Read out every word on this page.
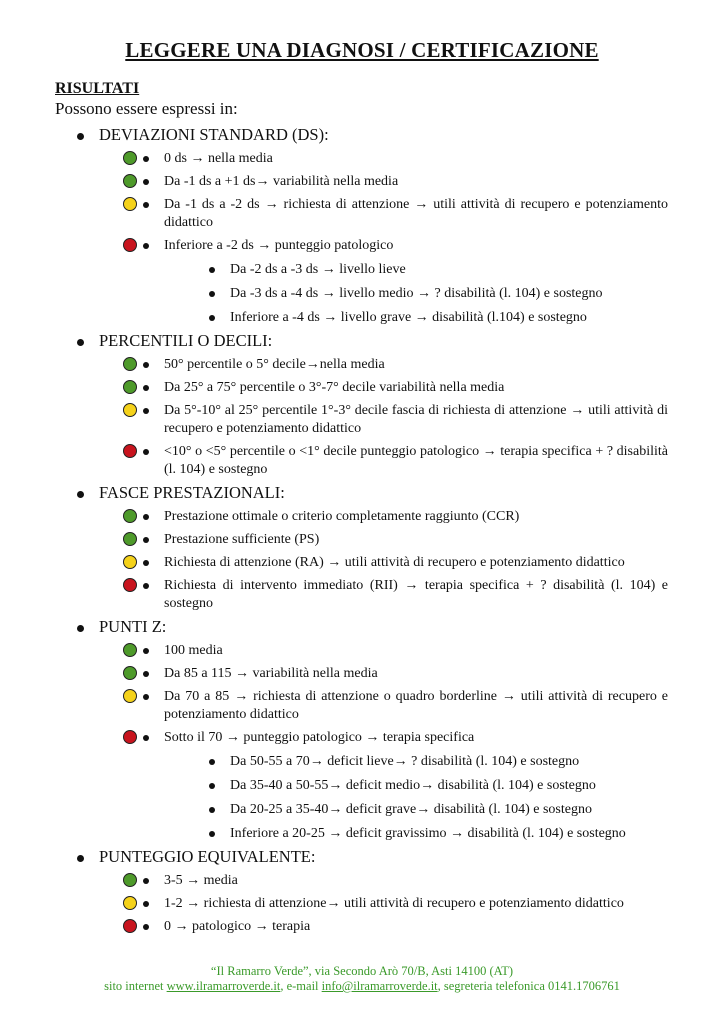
LEGGERE UNA DIAGNOSI / CERTIFICAZIONE
RISULTATI
Possono essere espressi in:
DEVIAZIONI STANDARD (DS):
0 ds → nella media
Da -1 ds a +1 ds→ variabilità nella media
Da -1 ds a -2 ds → richiesta di attenzione → utili attività di recupero e potenziamento didattico
Inferiore a -2 ds → punteggio patologico
Da -2 ds a -3 ds → livello lieve
Da -3 ds a -4 ds → livello medio → ? disabilità (l. 104) e sostegno
Inferiore a -4 ds → livello grave → disabilità (l.104) e sostegno
PERCENTILI O DECILI:
50° percentile o 5° decile→nella media
Da 25° a 75° percentile o 3°-7° decile variabilità nella media
Da 5°-10° al 25° percentile 1°-3° decile fascia di richiesta di attenzione → utili attività di recupero e potenziamento didattico
<10° o <5° percentile o <1° decile punteggio patologico → terapia specifica + ? disabilità (l. 104) e sostegno
FASCE PRESTAZIONALI:
Prestazione ottimale o criterio completamente raggiunto (CCR)
Prestazione sufficiente (PS)
Richiesta di attenzione (RA) → utili attività di recupero e potenziamento didattico
Richiesta di intervento immediato (RII) → terapia specifica + ? disabilità (l. 104) e sostegno
PUNTI Z:
100 media
Da 85 a 115 → variabilità nella media
Da 70 a 85 → richiesta di attenzione o quadro borderline → utili attività di recupero e potenziamento didattico
Sotto il 70 → punteggio patologico → terapia specifica
Da 50-55 a 70→ deficit lieve→ ? disabilità (l. 104) e sostegno
Da 35-40 a 50-55→ deficit medio→ disabilità (l. 104) e sostegno
Da 20-25 a 35-40→ deficit grave→ disabilità (l. 104) e sostegno
Inferiore a 20-25 → deficit gravissimo → disabilità (l. 104) e sostegno
PUNTEGGIO EQUIVALENTE:
3-5 → media
1-2 → richiesta di attenzione→ utili attività di recupero e potenziamento didattico
0 → patologico → terapia
“Il Ramarro Verde”, via Secondo Arò 70/B, Asti 14100 (AT)
sito internet www.ilramarroverde.it, e-mail info@ilramarroverde.it, segreteria telefonica 0141.1706761
